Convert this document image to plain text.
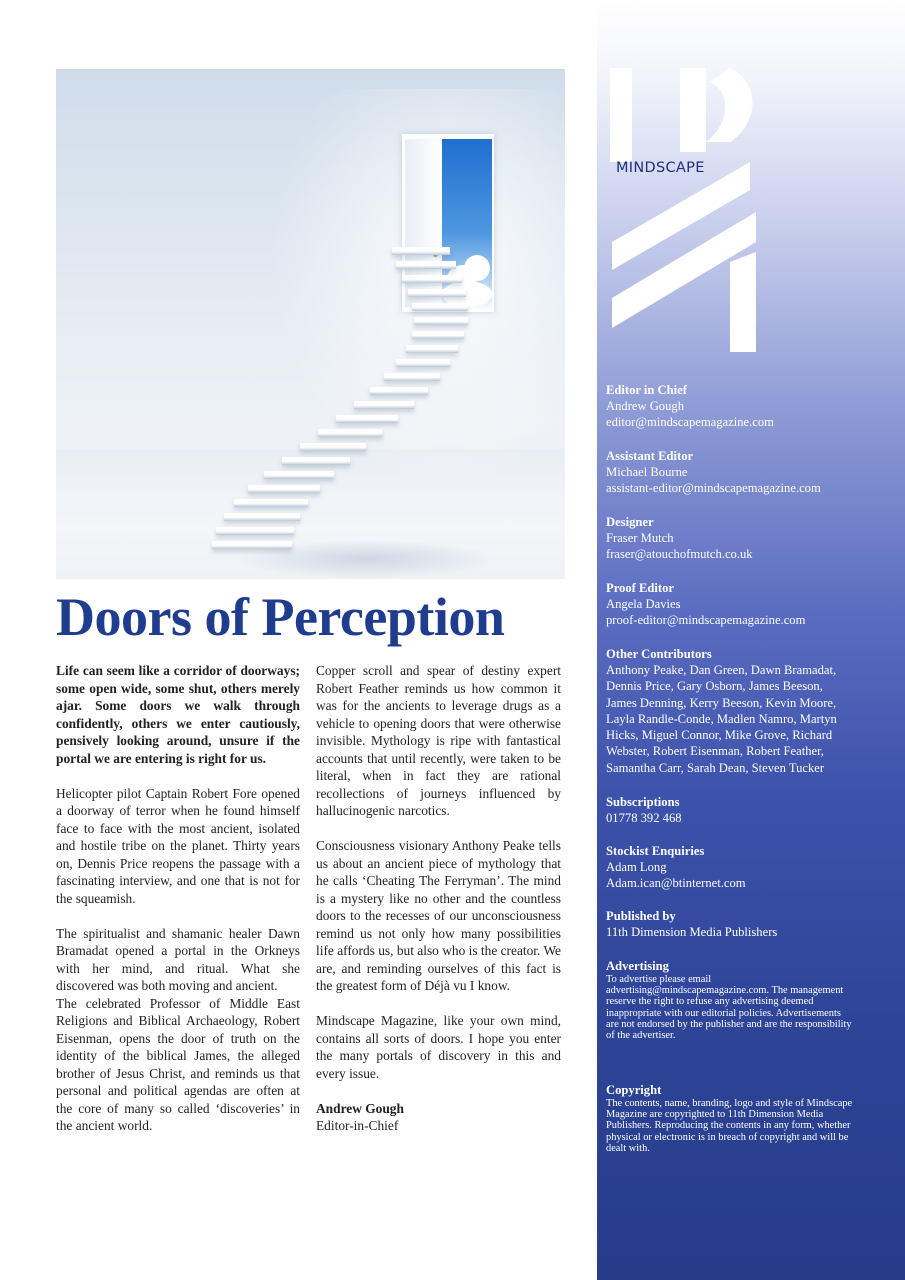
Doors of Perception

Life can seem like a corridor of doorways; some open wide, some shut, others merely ajar. Some doors we walk through confidently, others we enter cautiously, pensively looking around, unsure if the portal we are entering is right for us.

Helicopter pilot Captain Robert Fore opened a doorway of terror when he found himself face to face with the most ancient, isolated and hostile tribe on the planet. Thirty years on, Dennis Price reopens the passage with a fascinating interview, and one that is not for the squeamish.

The spiritualist and shamanic healer Dawn Bramadat opened a portal in the Orkneys with her mind, and ritual. What she discovered was both moving and ancient.

The celebrated Professor of Middle East Religions and Biblical Archaeology, Robert Eisenman, opens the door of truth on the identity of the biblical James, the alleged brother of Jesus Christ, and reminds us that personal and political agendas are often at the core of many so called ‘discoveries’ in the ancient world.

Copper scroll and spear of destiny expert Robert Feather reminds us how common it was for the ancients to leverage drugs as a vehicle to opening doors that were otherwise invisible. Mythology is ripe with fantastical accounts that until recently, were taken to be literal, when in fact they are rational recollections of journeys influenced by hallucinogenic narcotics.

Consciousness visionary Anthony Peake tells us about an ancient piece of mythology that he calls ‘Cheating The Ferryman’. The mind is a mystery like no other and the countless doors to the recesses of our unconsciousness remind us not only how many possibilities life affords us, but also who is the creator. We are, and reminding ourselves of this fact is the greatest form of Déjà vu I know.

Mindscape Magazine, like your own mind, contains all sorts of doors. I hope you enter the many portals of discovery in this and every issue.

Andrew Gough
Editor-in-Chief
MINDSCAPE
Editor in Chief
Andrew Gough
editor@mindscapemagazine.com
Assistant Editor
Michael Bourne
assistant-editor@mindscapemagazine.com
Designer
Fraser Mutch
fraser@atouchofmutch.co.uk
Proof Editor
Angela Davies
proof-editor@mindscapemagazine.com
Other Contributors
Anthony Peake, Dan Green, Dawn Bramadat, Dennis Price, Gary Osborn, James Beeson, James Denning, Kerry Beeson, Kevin Moore, Layla Randle-Conde, Madlen Namro, Martyn Hicks, Miguel Connor, Mike Grove, Richard Webster, Robert Eisenman, Robert Feather, Samantha Carr, Sarah Dean, Steven Tucker
Subscriptions
01778 392 468
Stockist Enquiries
Adam Long
Adam.ican@btinternet.com
Published by
11th Dimension Media Publishers
Advertising
To advertise please email advertising@mindscapemagazine.com. The management reserve the right to refuse any advertising deemed inappropriate with our editorial policies. Advertisements are not endorsed by the publisher and are the responsibility of the advertiser.
Copyright
The contents, name, branding, logo and style of Mindscape Magazine are copyrighted to 11th Dimension Media Publishers. Reproducing the contents in any form, whether physical or electronic is in breach of copyright and will be dealt with.
